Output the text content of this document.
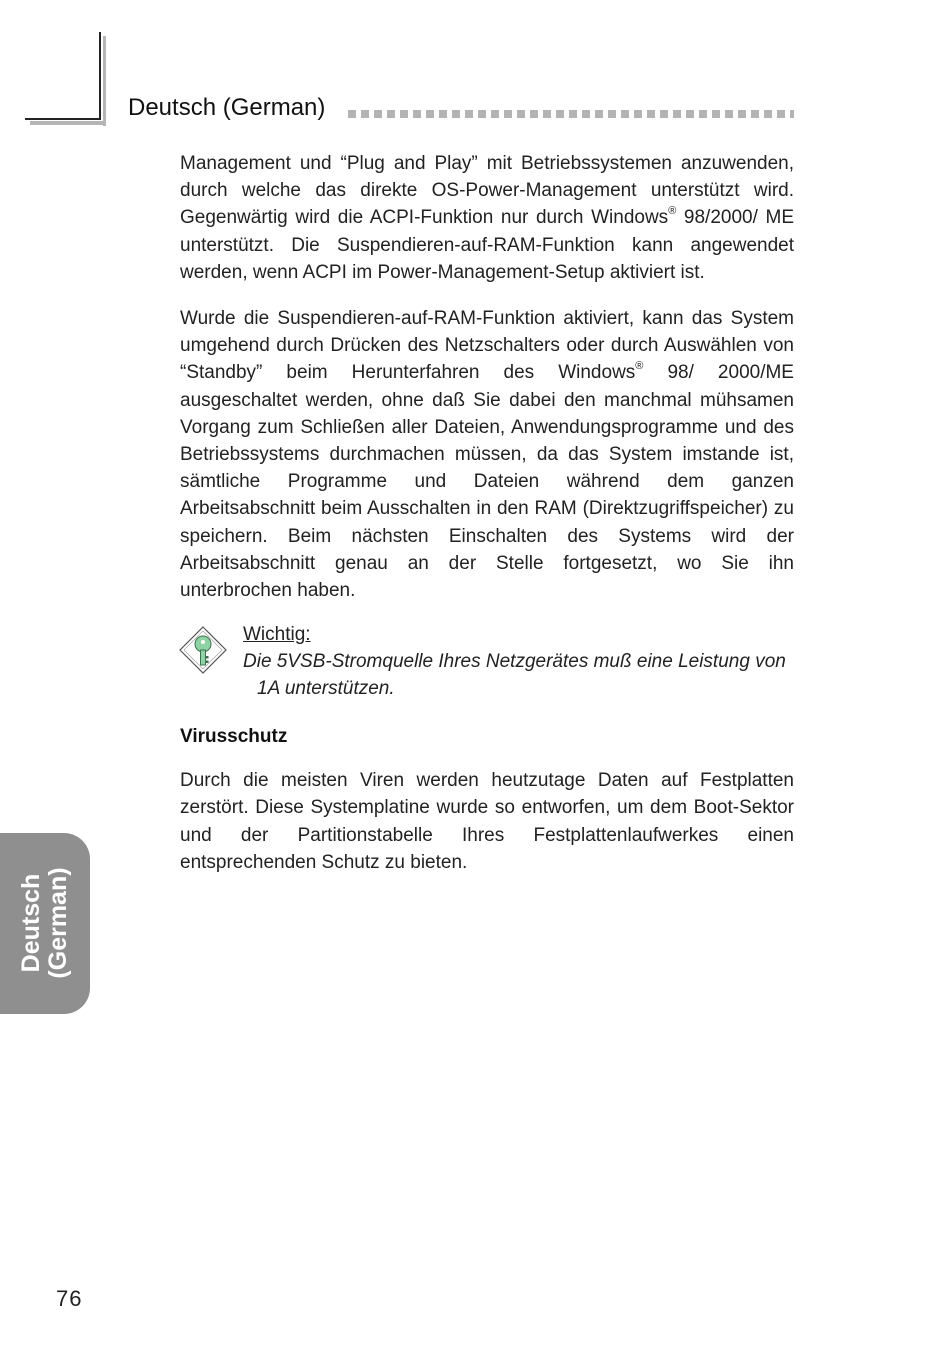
Deutsch (German)

Management und “Plug and Play” mit Betriebssystemen anzuwenden, durch welche das direkte OS-Power-Management unterstützt wird. Gegenwärtig wird die ACPI-Funktion nur durch Windows® 98/2000/ ME unterstützt. Die Suspendieren-auf-RAM-Funktion kann angewendet werden, wenn ACPI im Power-Management-Setup aktiviert ist.

Wurde die Suspendieren-auf-RAM-Funktion aktiviert, kann das System umgehend durch Drücken des Netzschalters oder durch Auswählen von “Standby” beim Herunterfahren des Windows® 98/ 2000/ME ausgeschaltet werden, ohne daß Sie dabei den manchmal mühsamen Vorgang zum Schließen aller Dateien, Anwendungsprogramme und des Betriebssystems durchmachen müssen, da das System imstande ist, sämtliche Programme und Dateien während dem ganzen Arbeitsabschnitt beim Ausschalten in den RAM (Direktzugriffspeicher) zu speichern. Beim nächsten Einschalten des Systems wird der Arbeitsabschnitt genau an der Stelle fortgesetzt, wo Sie ihn unterbrochen haben.

Wichtig:
Die 5VSB-Stromquelle Ihres Netzgerätes muß eine Leistung von
1A unterstützen.
Virusschutz

Durch die meisten Viren werden heutzutage Daten auf Festplatten zerstört. Diese Systemplatine wurde so entworfen, um dem Boot-Sektor und der Partitionstabelle Ihres Festplattenlaufwerkes einen entsprechenden Schutz zu bieten.

Deutsch (German)
76
